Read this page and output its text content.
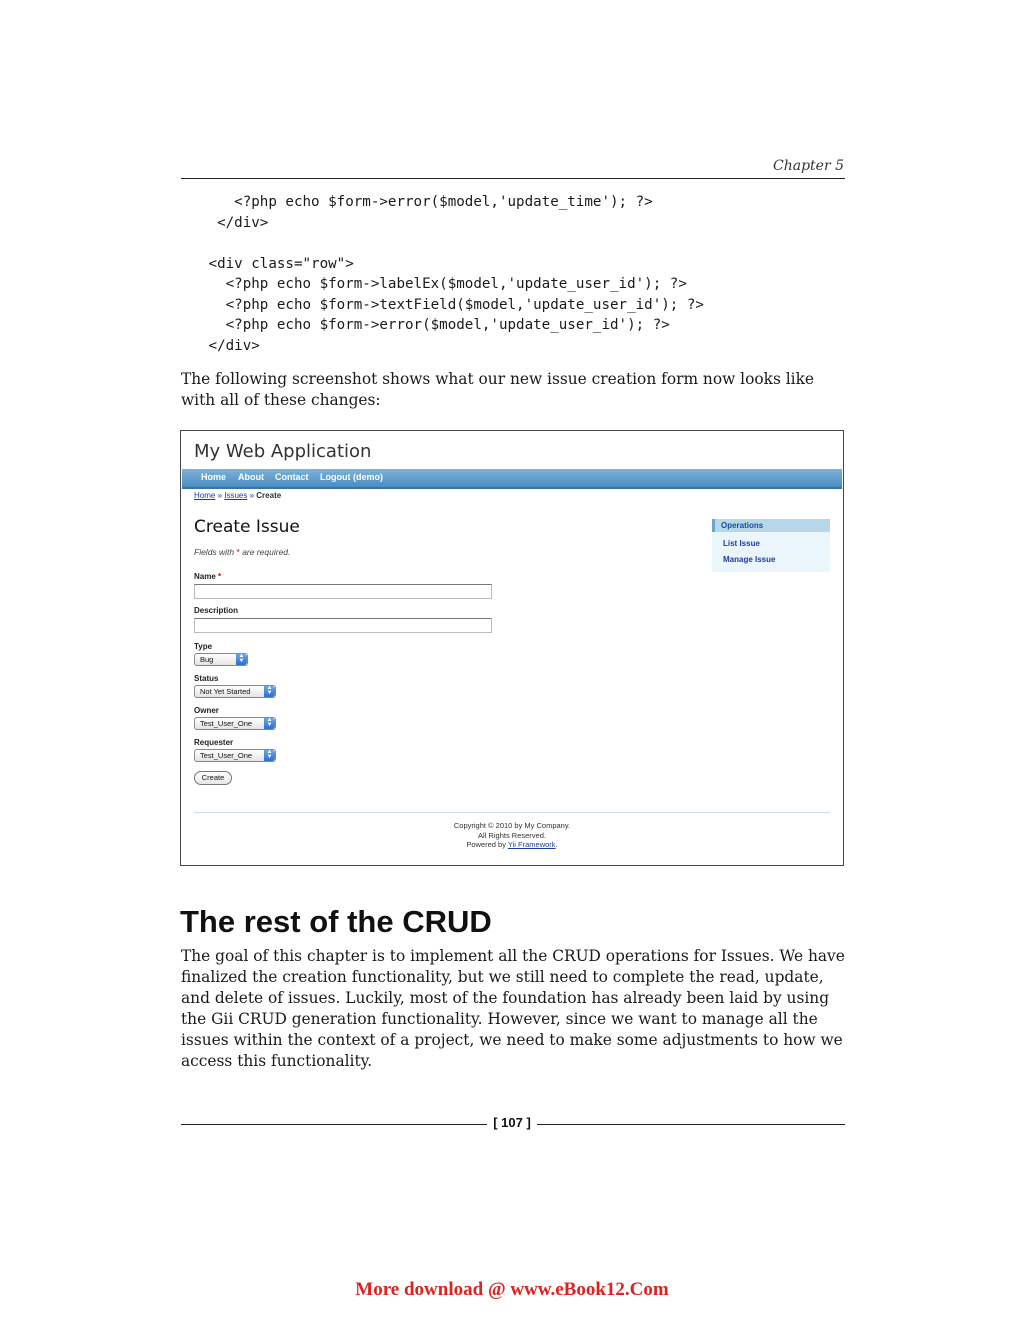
Chapter 5
<?php echo $form->error($model,'update_time'); ?>
</div>

<div class="row">
<?php echo $form->labelEx($model,'update_user_id'); ?>
<?php echo $form->textField($model,'update_user_id'); ?>
<?php echo $form->error($model,'update_user_id'); ?>
</div>

The following screenshot shows what our new issue creation form now looks like with all of these changes:

My Web Application
Home About Contact Logout (demo)
Home » Issues » Create
Create Issue
Fields with * are required.
Name *
Description
Type
Bug	▲
▼
Status
Not Yet Started	▲
▼
Owner
Test_User_One	▲
▼
Requester
Test_User_One	▲
▼
Create
Operations
List Issue
Manage Issue
Copyright © 2010 by My Company.
All Rights Reserved.
Powered by Yii Framework.
The rest of the CRUD

The goal of this chapter is to implement all the CRUD operations for Issues. We have finalized the creation functionality, but we still need to complete the read, update, and delete of issues. Luckily, most of the foundation has already been laid by using the Gii CRUD generation functionality. However, since we want to manage all the issues within the context of a project, we need to make some adjustments to how we access this functionality.

[ 107 ]
More download @ www.eBook12.Com
